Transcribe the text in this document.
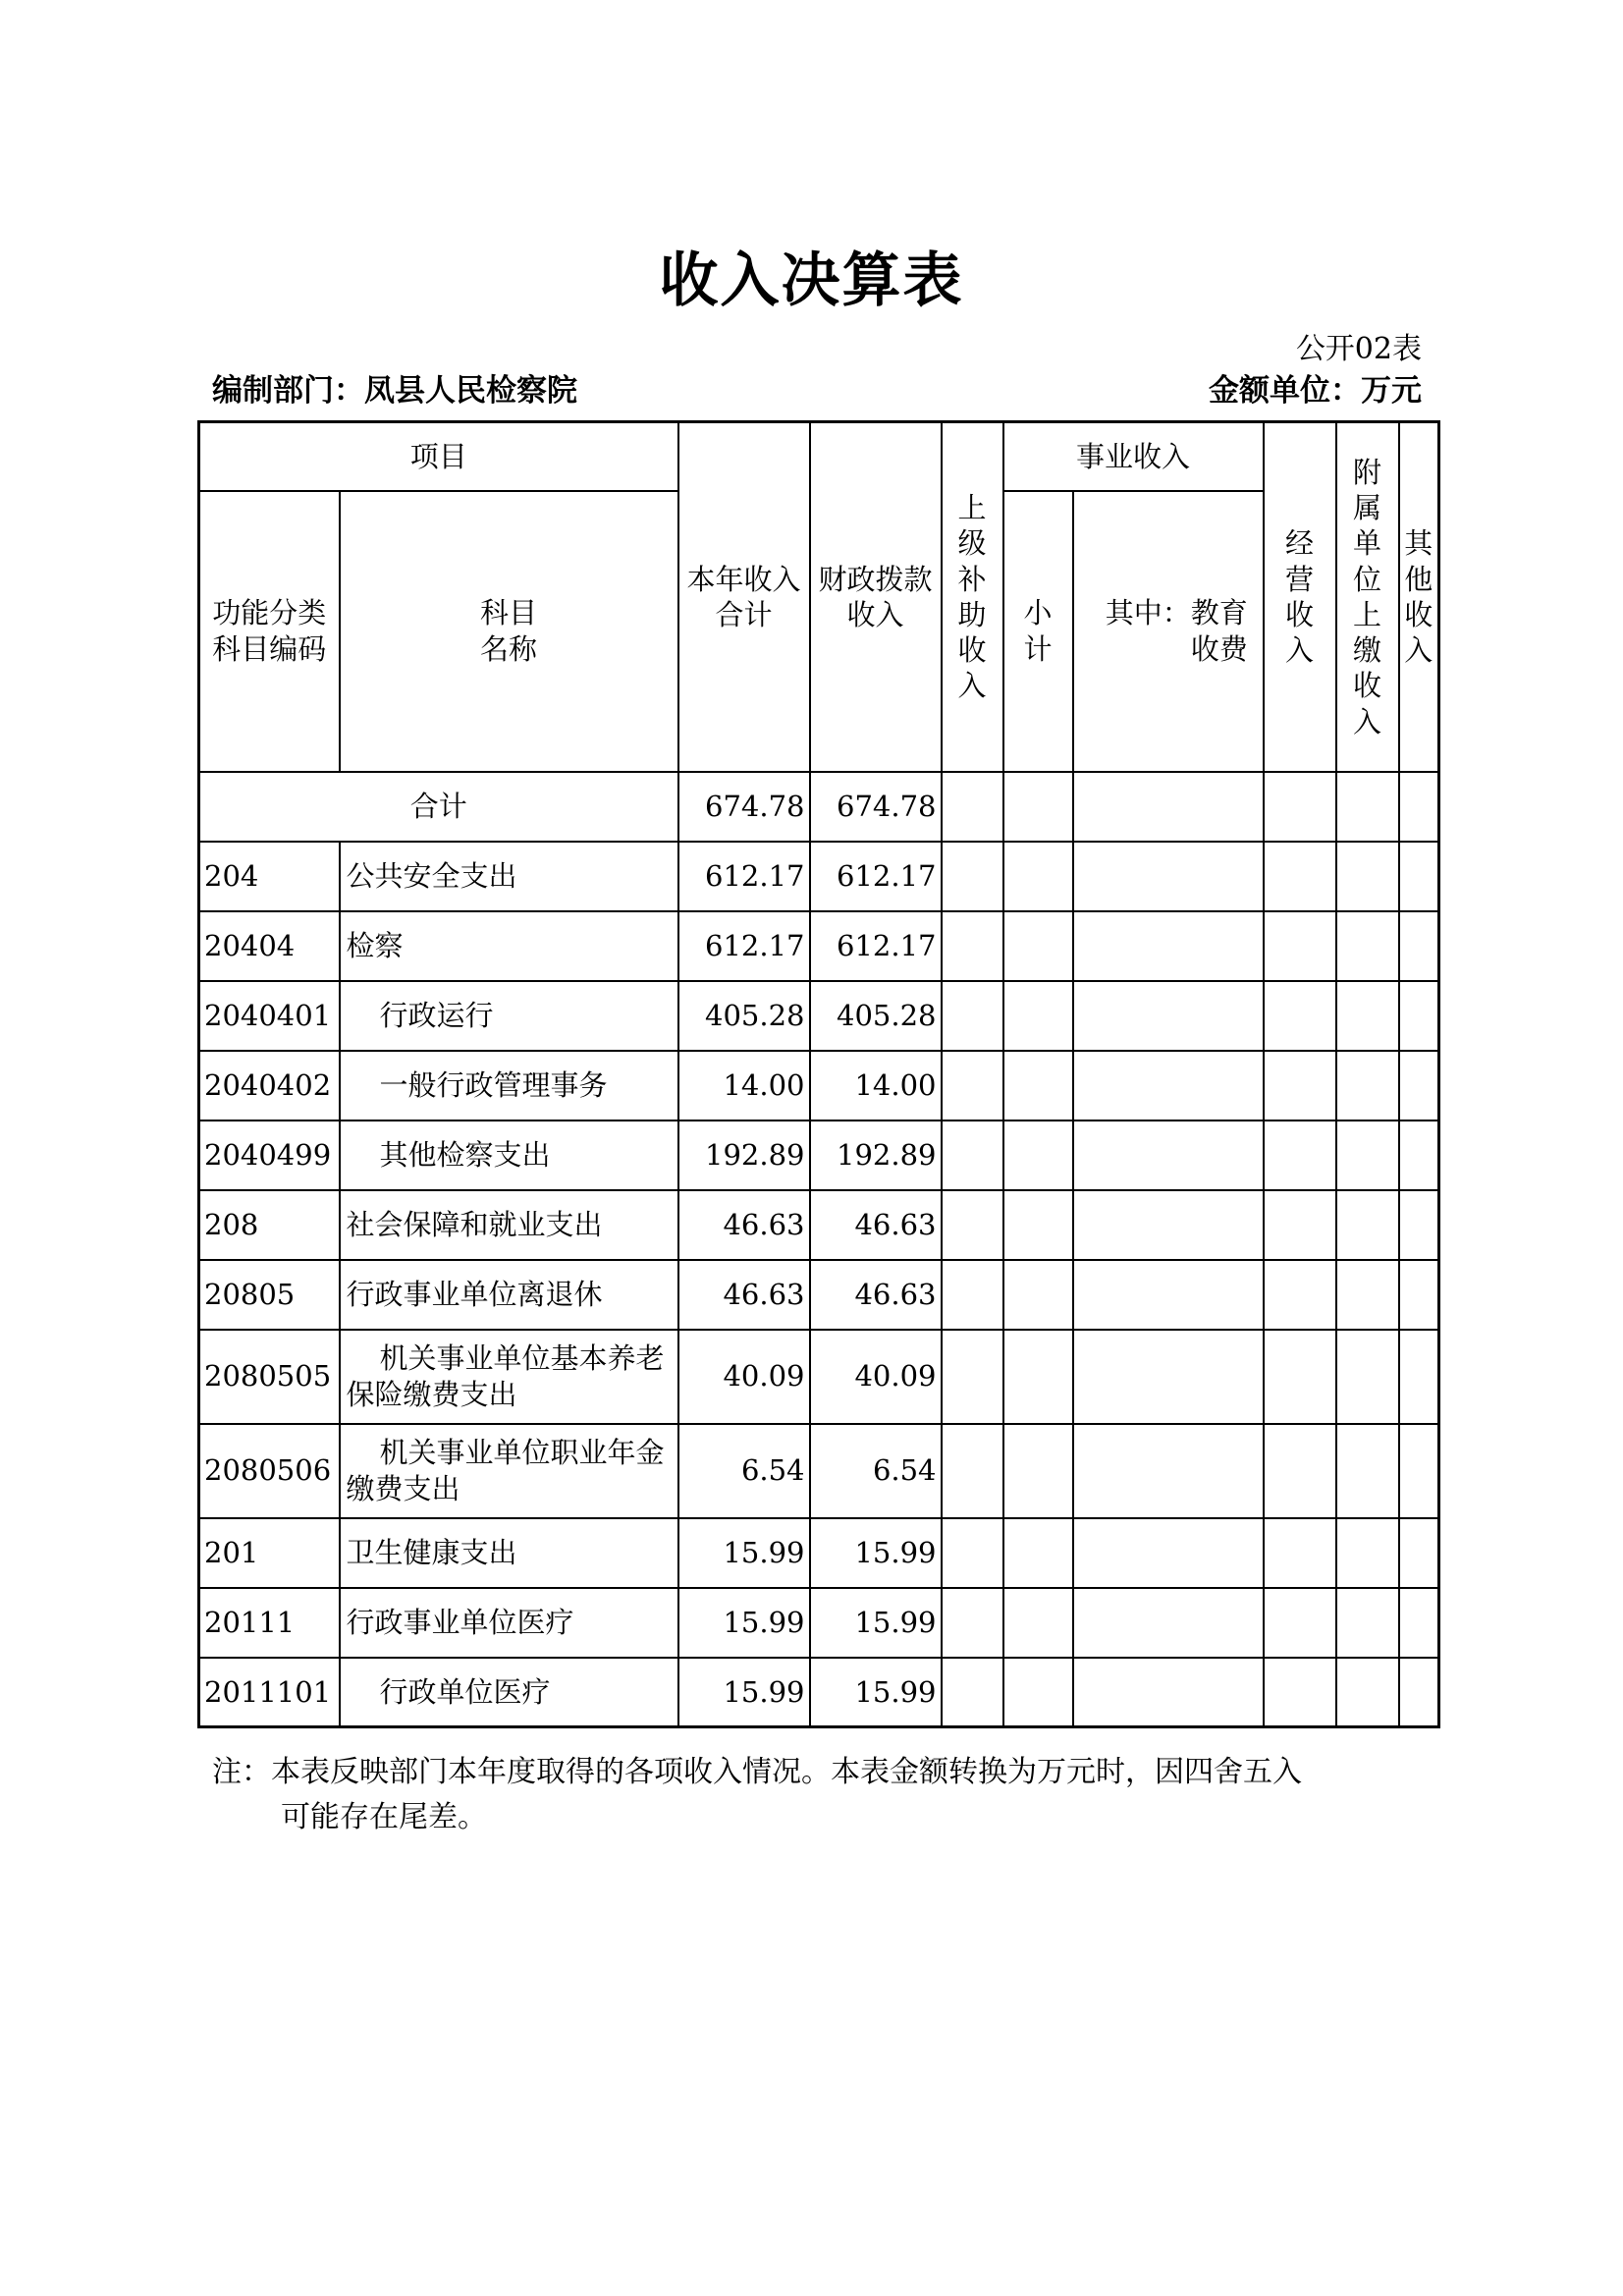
收入决算表
公开02表
编制部门：凤县人民检察院	金额单位：万元
项目		本年收入合计	财政拨款收入	上级补助收入	事业收入		经营收入	附属单位上缴收入	其他收入
功能分类科目编码	科目名称				小计	其中：教育收费			
合计		674.78	674.78						
204	公共安全支出	612.17	612.17						
20404	检察	612.17	612.17						
2040401	行政运行	405.28	405.28						
2040402	一般行政管理事务	14.00	14.00						
2040499	其他检察支出	192.89	192.89						
208	社会保障和就业支出	46.63	46.63						
20805	行政事业单位离退休	46.63	46.63						
2080505	机关事业单位基本养老保险缴费支出	40.09	40.09						
2080506	机关事业单位职业年金缴费支出	6.54	6.54						
201	卫生健康支出	15.99	15.99						
20111	行政事业单位医疗	15.99	15.99						
2011101	行政单位医疗	15.99	15.99						
注：本表反映部门本年度取得的各项收入情况。本表金额转换为万元时，因四舍五入
可能存在尾差。
